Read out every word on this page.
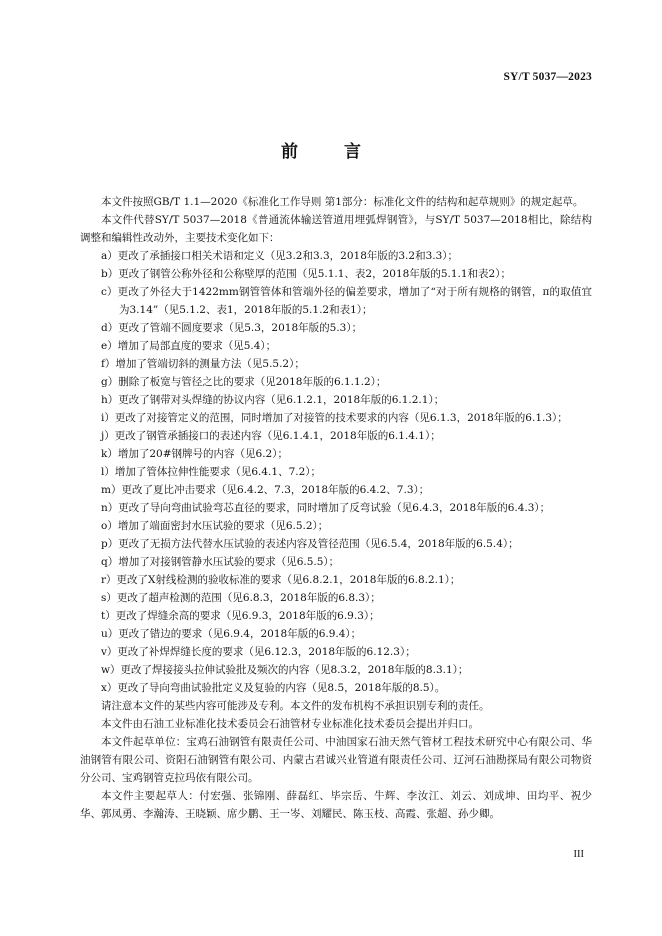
SY/T 5037—2023
前 言

本文件按照GB/T 1.1—2020《标准化工作导则 第1部分：标准化文件的结构和起草规则》的规定起草。

本文件代替SY/T 5037—2018《普通流体输送管道用埋弧焊钢管》，与SY/T 5037—2018相比，除结构调整和编辑性改动外，主要技术变化如下：

a）更改了承插接口相关术语和定义（见3.2和3.3，2018年版的3.2和3.3）；
b）更改了钢管公称外径和公称壁厚的范围（见5.1.1、表2，2018年版的5.1.1和表2）；
c）更改了外径大于1422mm钢管管体和管端外径的偏差要求，增加了“对于所有规格的钢管，π的取值宜为3.14”（见5.1.2、表1，2018年版的5.1.2和表1）；
d）更改了管端不圆度要求（见5.3，2018年版的5.3）；
e）增加了局部直度的要求（见5.4）；
f）增加了管端切斜的测量方法（见5.5.2）；
g）删除了板宽与管径之比的要求（见2018年版的6.1.1.2）；
h）更改了钢带对头焊缝的协议内容（见6.1.2.1，2018年版的6.1.2.1）；
i）更改了对接管定义的范围，同时增加了对接管的技术要求的内容（见6.1.3，2018年版的6.1.3）；
j）更改了钢管承插接口的表述内容（见6.1.4.1，2018年版的6.1.4.1）；
k）增加了20#钢牌号的内容（见6.2）；
l）增加了管体拉伸性能要求（见6.4.1、7.2）；
m）更改了夏比冲击要求（见6.4.2、7.3，2018年版的6.4.2、7.3）；
n）更改了导向弯曲试验弯芯直径的要求，同时增加了反弯试验（见6.4.3，2018年版的6.4.3）；
o）增加了端面密封水压试验的要求（见6.5.2）；
p）更改了无损方法代替水压试验的表述内容及管径范围（见6.5.4，2018年版的6.5.4）；
q）增加了对接钢管静水压试验的要求（见6.5.5）；
r）更改了X射线检测的验收标准的要求（见6.8.2.1，2018年版的6.8.2.1）；
s）更改了超声检测的范围（见6.8.3，2018年版的6.8.3）；
t）更改了焊缝余高的要求（见6.9.3，2018年版的6.9.3）；
u）更改了错边的要求（见6.9.4，2018年版的6.9.4）；
v）更改了补焊焊缝长度的要求（见6.12.3，2018年版的6.12.3）；
w）更改了焊接接头拉伸试验批及频次的内容（见8.3.2，2018年版的8.3.1）；
x）更改了导向弯曲试验批定义及复验的内容（见8.5，2018年版的8.5）。

请注意本文件的某些内容可能涉及专利。本文件的发布机构不承担识别专利的责任。

本文件由石油工业标准化技术委员会石油管材专业标准化技术委员会提出并归口。

本文件起草单位：宝鸡石油钢管有限责任公司、中油国家石油天然气管材工程技术研究中心有限公司、华油钢管有限公司、资阳石油钢管有限公司、内蒙古君诚兴业管道有限责任公司、辽河石油勘探局有限公司物资分公司、宝鸡钢管克拉玛依有限公司。

本文件主要起草人：付宏强、张锦刚、薛磊红、毕宗岳、牛辉、李汝江、刘云、刘成坤、田均平、祝少华、郭凤勇、李瀚涛、王晓颖、席少鹏、王一岑、刘耀民、陈玉枝、高霞、张超、孙少卿。

III
